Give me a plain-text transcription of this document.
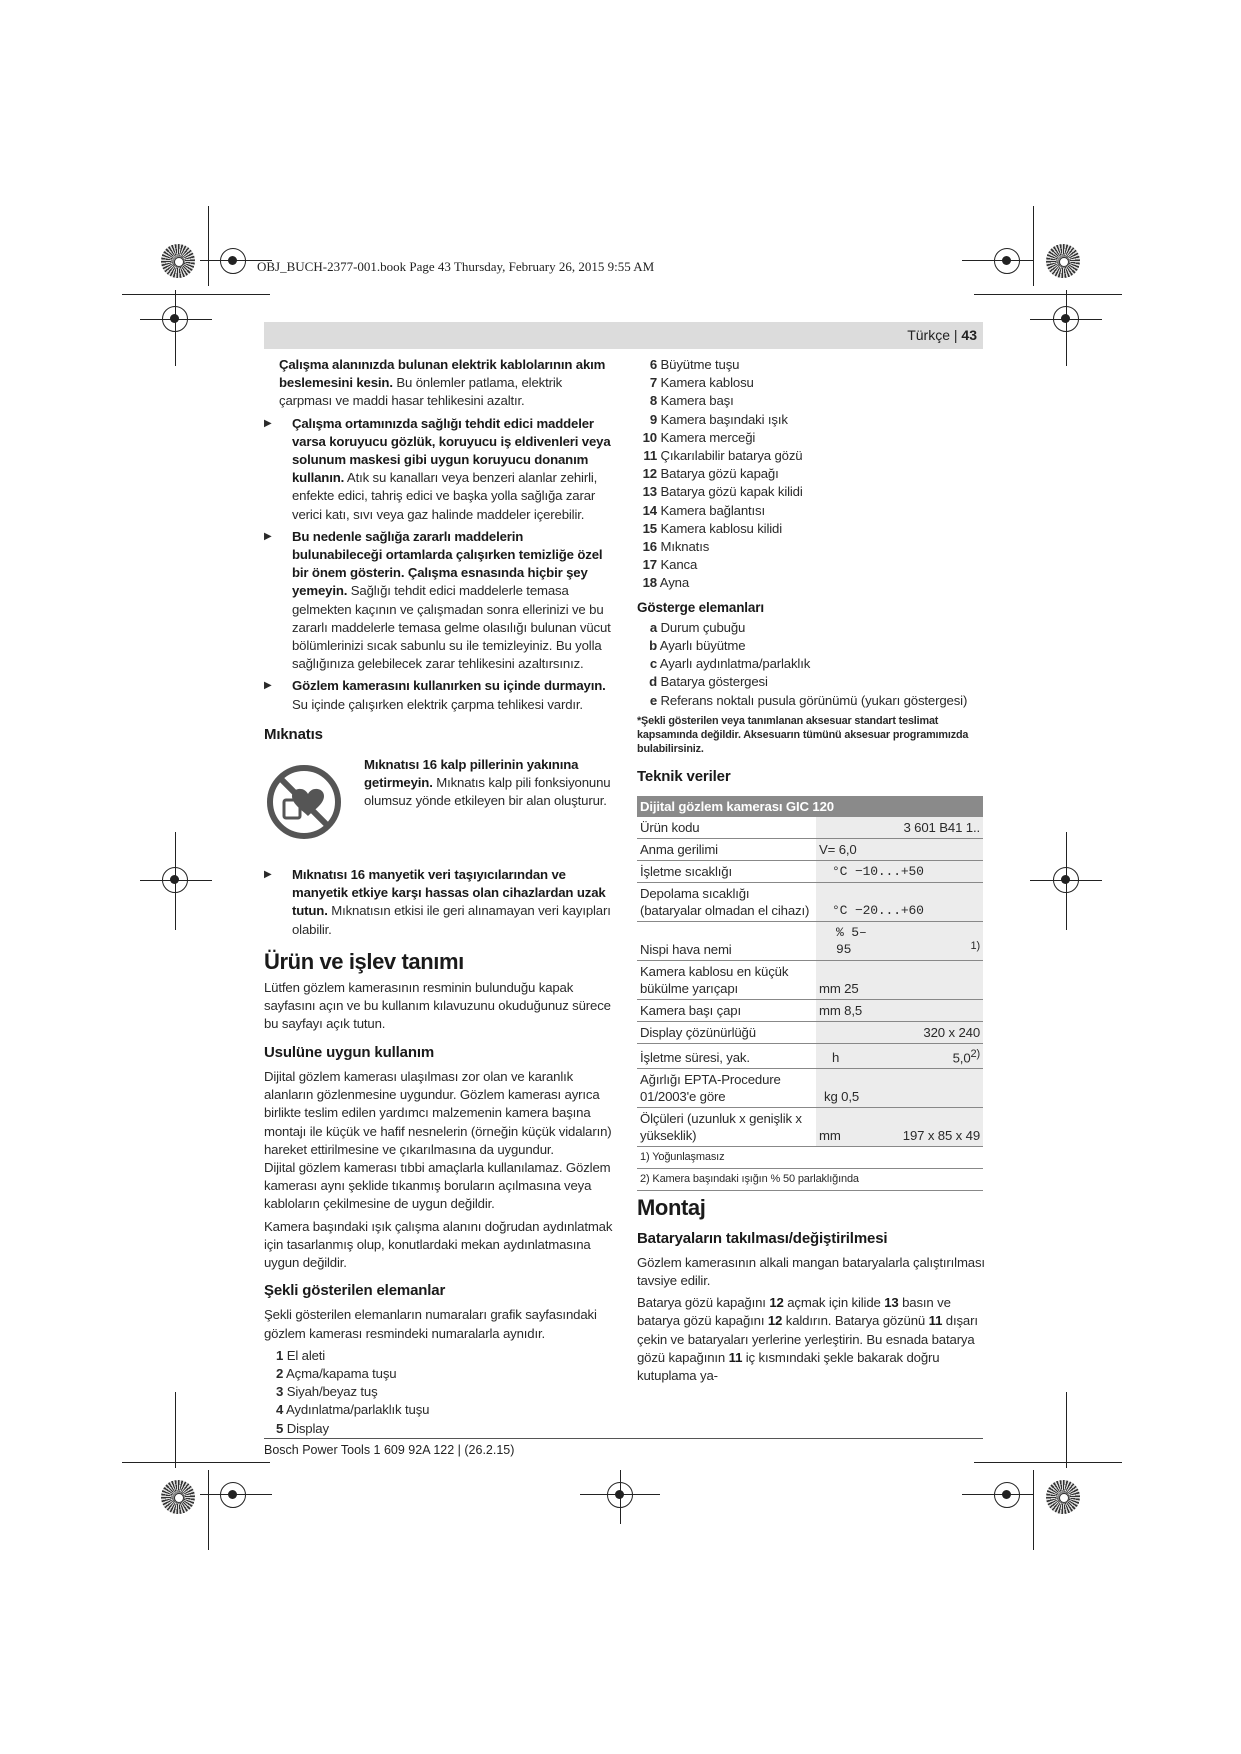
OBJ_BUCH-2377-001.book Page 43 Thursday, February 26, 2015 9:55 AM
Türkçe | 43

Çalışma alanınızda bulunan elektrik kablolarının akım beslemesini kesin. Bu önlemler patlama, elektrik çarpması ve maddi hasar tehlikesini azaltır.

▶ Çalışma ortamınızda sağlığı tehdit edici maddeler varsa koruyucu gözlük, koruyucu iş eldivenleri veya solunum maskesi gibi uygun koruyucu donanım kullanın. Atık su kanalları veya benzeri alanlar zehirli, enfekte edici, tahriş edici ve başka yolla sağlığa zarar verici katı, sıvı veya gaz halinde maddeler içerebilir.

▶ Bu nedenle sağlığa zararlı maddelerin bulunabileceği ortamlarda çalışırken temizliğe özel bir önem gösterin. Çalışma esnasında hiçbir şey yemeyin. Sağlığı tehdit edici maddelerle temasa gelmekten kaçının ve çalışmadan sonra ellerinizi ve bu zararlı maddelerle temasa gelme olasılığı bulunan vücut bölümlerinizi sıcak sabunlu su ile temizleyiniz. Bu yolla sağlığınıza gelebilecek zarar tehlikesini azaltırsınız.

▶ Gözlem kamerasını kullanırken su içinde durmayın. Su içinde çalışırken elektrik çarpma tehlikesi vardır.

Mıknatıs

Mıknatısı 16 kalp pillerinin yakınına getirmeyin. Mıknatıs kalp pili fonksiyonunu olumsuz yönde etkileyen bir alan oluşturur.

▶ Mıknatısı 16 manyetik veri taşıyıcılarından ve manyetik etkiye karşı hassas olan cihazlardan uzak tutun. Mıknatısın etkisi ile geri alınamayan veri kayıpları olabilir.

Ürün ve işlev tanımı

Lütfen gözlem kamerasının resminin bulunduğu kapak sayfasını açın ve bu kullanım kılavuzunu okuduğunuz sürece bu sayfayı açık tutun.

Usulüne uygun kullanım

Dijital gözlem kamerası ulaşılması zor olan ve karanlık alanların gözlenmesine uygundur. Gözlem kamerası ayrıca birlikte teslim edilen yardımcı malzemenin kamera başına montajı ile küçük ve hafif nesnelerin (örneğin küçük vidaların) hareket ettirilmesine ve çıkarılmasına da uygundur.

Dijital gözlem kamerası tıbbi amaçlarla kullanılamaz. Gözlem kamerası aynı şeklide tıkanmış boruların açılmasına veya kabloların çekilmesine de uygun değildir.

Kamera başındaki ışık çalışma alanını doğrudan aydınlatmak için tasarlanmış olup, konutlardaki mekan aydınlatmasına uygun değildir.

Şekli gösterilen elemanlar

Şekli gösterilen elemanların numaraları grafik sayfasındaki gözlem kamerası resmindeki numaralarla aynıdır.

1 El aleti

2 Açma/kapama tuşu

3 Siyah/beyaz tuş

4 Aydınlatma/parlaklık tuşu

5 Display

6 Büyütme tuşu

7 Kamera kablosu

8 Kamera başı

9 Kamera başındaki ışık

10 Kamera merceği

11 Çıkarılabilir batarya gözü

12 Batarya gözü kapağı

13 Batarya gözü kapak kilidi

14 Kamera bağlantısı

15 Kamera kablosu kilidi

16 Mıknatıs

17 Kanca

18 Ayna

Gösterge elemanları

a Durum çubuğu

b Ayarlı büyütme

c Ayarlı aydınlatma/parlaklık

d Batarya göstergesi

e Referans noktalı pusula görünümü (yukarı göstergesi)

*Şekli gösterilen veya tanımlanan aksesuar standart teslimat kapsamında değildir. Aksesuarın tümünü aksesuar programımızda bulabilirsiniz.

Teknik veriler
Dijital gözlem kamerası GIC 120		
Ürün kodu		3 601 B41 1..
Anma gerilimi	V= 6,0	
İşletme sıcaklığı	°C −10...+50	
Depolama sıcaklığı (bataryalar olmadan el cihazı)	°C −20...+60	
Nispi hava nemi	% 5–95	$^{1)}$
Kamera kablosu en küçük bükülme yarıçapı	mm 25	
Kamera başı çapı	mm 8,5	
Display çözünürlüğü		320 x 240
İşletme süresi, yak.	h	5,0$^{2)}$
Ağırlığı EPTA-Procedure 01/2003'e göre	kg 0,5	
Ölçüleri (uzunluk x genişlik x yükseklik)	mm	197 x 85 x 49
1) Yoğunlaşmasız		
2) Kamera başındaki ışığın % 50 parlaklığında		
Montaj
Bataryaların takılması/değiştirilmesi

Gözlem kamerasının alkali mangan bataryalarla çalıştırılması tavsiye edilir.

Batarya gözü kapağını 12 açmak için kilide 13 basın ve batarya gözü kapağını 12 kaldırın. Batarya gözünü 11 dışarı çekin ve bataryaları yerlerine yerleştirin. Bu esnada batarya gözü kapağının 11 iç kısmındaki şekle bakarak doğru kutuplama ya-

Bosch Power Tools 1 609 92A 122 | (26.2.15)
